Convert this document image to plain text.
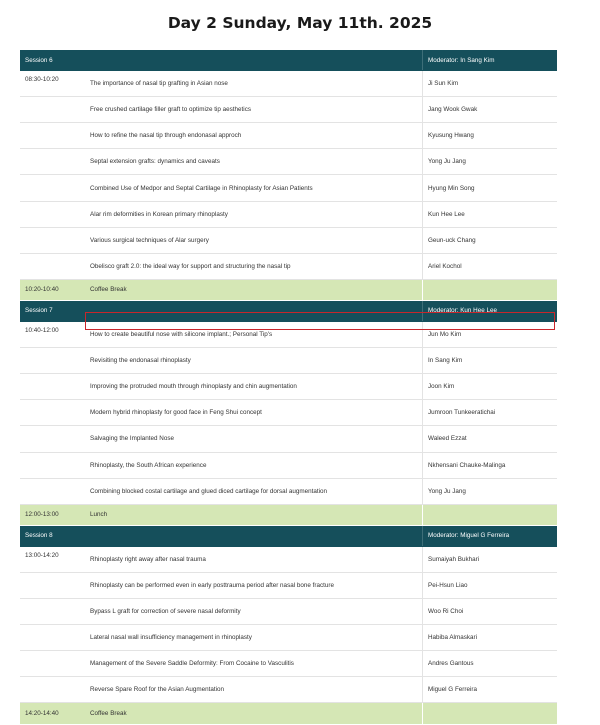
Day 2 Sunday, May 11th. 2025
Session 6		Moderator: In Sang Kim
08:30-10:20	The importance of nasal tip grafting in Asian nose	Ji Sun Kim
	Free crushed cartilage filler graft to optimize tip aesthetics	Jang Wook Gwak
	How to refine the nasal tip through endonasal approch	Kyusung Hwang
	Septal extension grafts: dynamics and caveats	Yong Ju Jang
	Combined Use of Medpor and Septal Cartilage in Rhinoplasty for Asian Patients	Hyung Min Song
	Alar rim deformities in Korean primary rhinoplasty	Kun Hee Lee
	Various surgical techniques of Alar surgery	Geun-uck Chang
	Obelisco graft 2.0: the ideal way for support and structuring the nasal tip	Ariel Kochol
10:20-10:40	Coffee Break	
Session 7		Moderator: Kun Hee Lee
10:40-12:00	How to create beautiful nose with silicone implant.; Personal Tip's	Jun Mo Kim
	Revisiting the endonasal rhinoplasty	In Sang Kim
	Improving the protruded mouth through rhinoplasty and chin augmentation	Joon Kim
	Modern hybrid rhinoplasty for good face in Feng Shui concept	Jumroon Tunkeeratichai
	Salvaging the Implanted Nose	Waleed Ezzat
	Rhinoplasty, the South African experience	Nkhensani Chauke-Malinga
	Combining blocked costal cartilage and glued diced cartilage for dorsal augmentation	Yong Ju Jang
12:00-13:00	Lunch	
Session 8		Moderator: Miguel G Ferreira
13:00-14:20	Rhinoplasty right away after nasal trauma	Sumaiyah Bukhari
	Rhinoplasty can be performed even in early posttrauma period after nasal bone fracture	Pei-Hsun Liao
	Bypass L graft for correction of severe nasal deformity	Woo Ri Choi
	Lateral nasal wall insufficiency management in rhinoplasty	Habiba Almaskari
	Management of the Severe Saddle Deformity: From Cocaine to Vasculitis	Andres Gantous
	Reverse Spare Roof for the Asian Augmentation	Miguel G Ferreira
14:20-14:40	Coffee Break	
